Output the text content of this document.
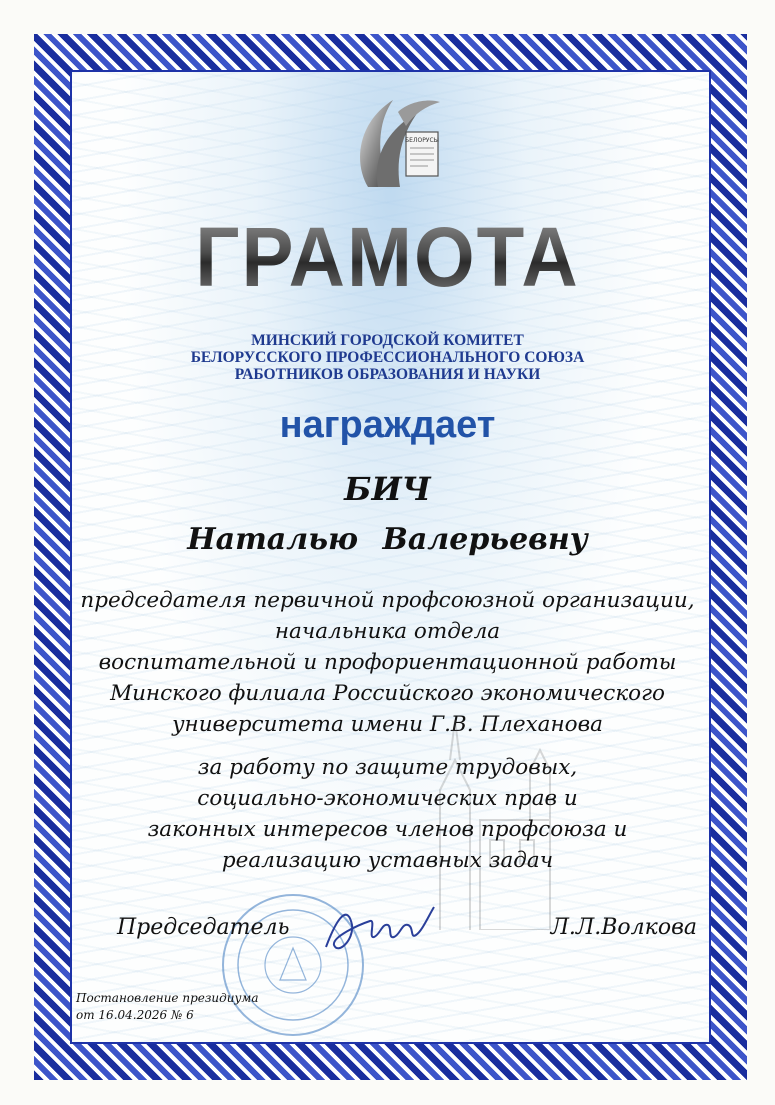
БЕЛОРУСЫ
ГРАМОТА
МИНСКИЙ ГОРОДСКОЙ КОМИТЕТ
БЕЛОРУССКОГО ПРОФЕССИОНАЛЬНОГО СОЮЗА
РАБОТНИКОВ ОБРАЗОВАНИЯ И НАУКИ
награждает
БИЧ
Наталью Валерьевну
председателя первичной профсоюзной организации,
начальника отдела
воспитательной и профориентационной работы
Минского филиала Российского экономического
университета имени Г.В. Плеханова
за работу по защите трудовых,
социально-экономических прав и
законных интересов членов профсоюза и
реализацию уставных задач
Председатель	Л.Л.Волкова
Постановление президиума
от 16.04.2026 № 6
